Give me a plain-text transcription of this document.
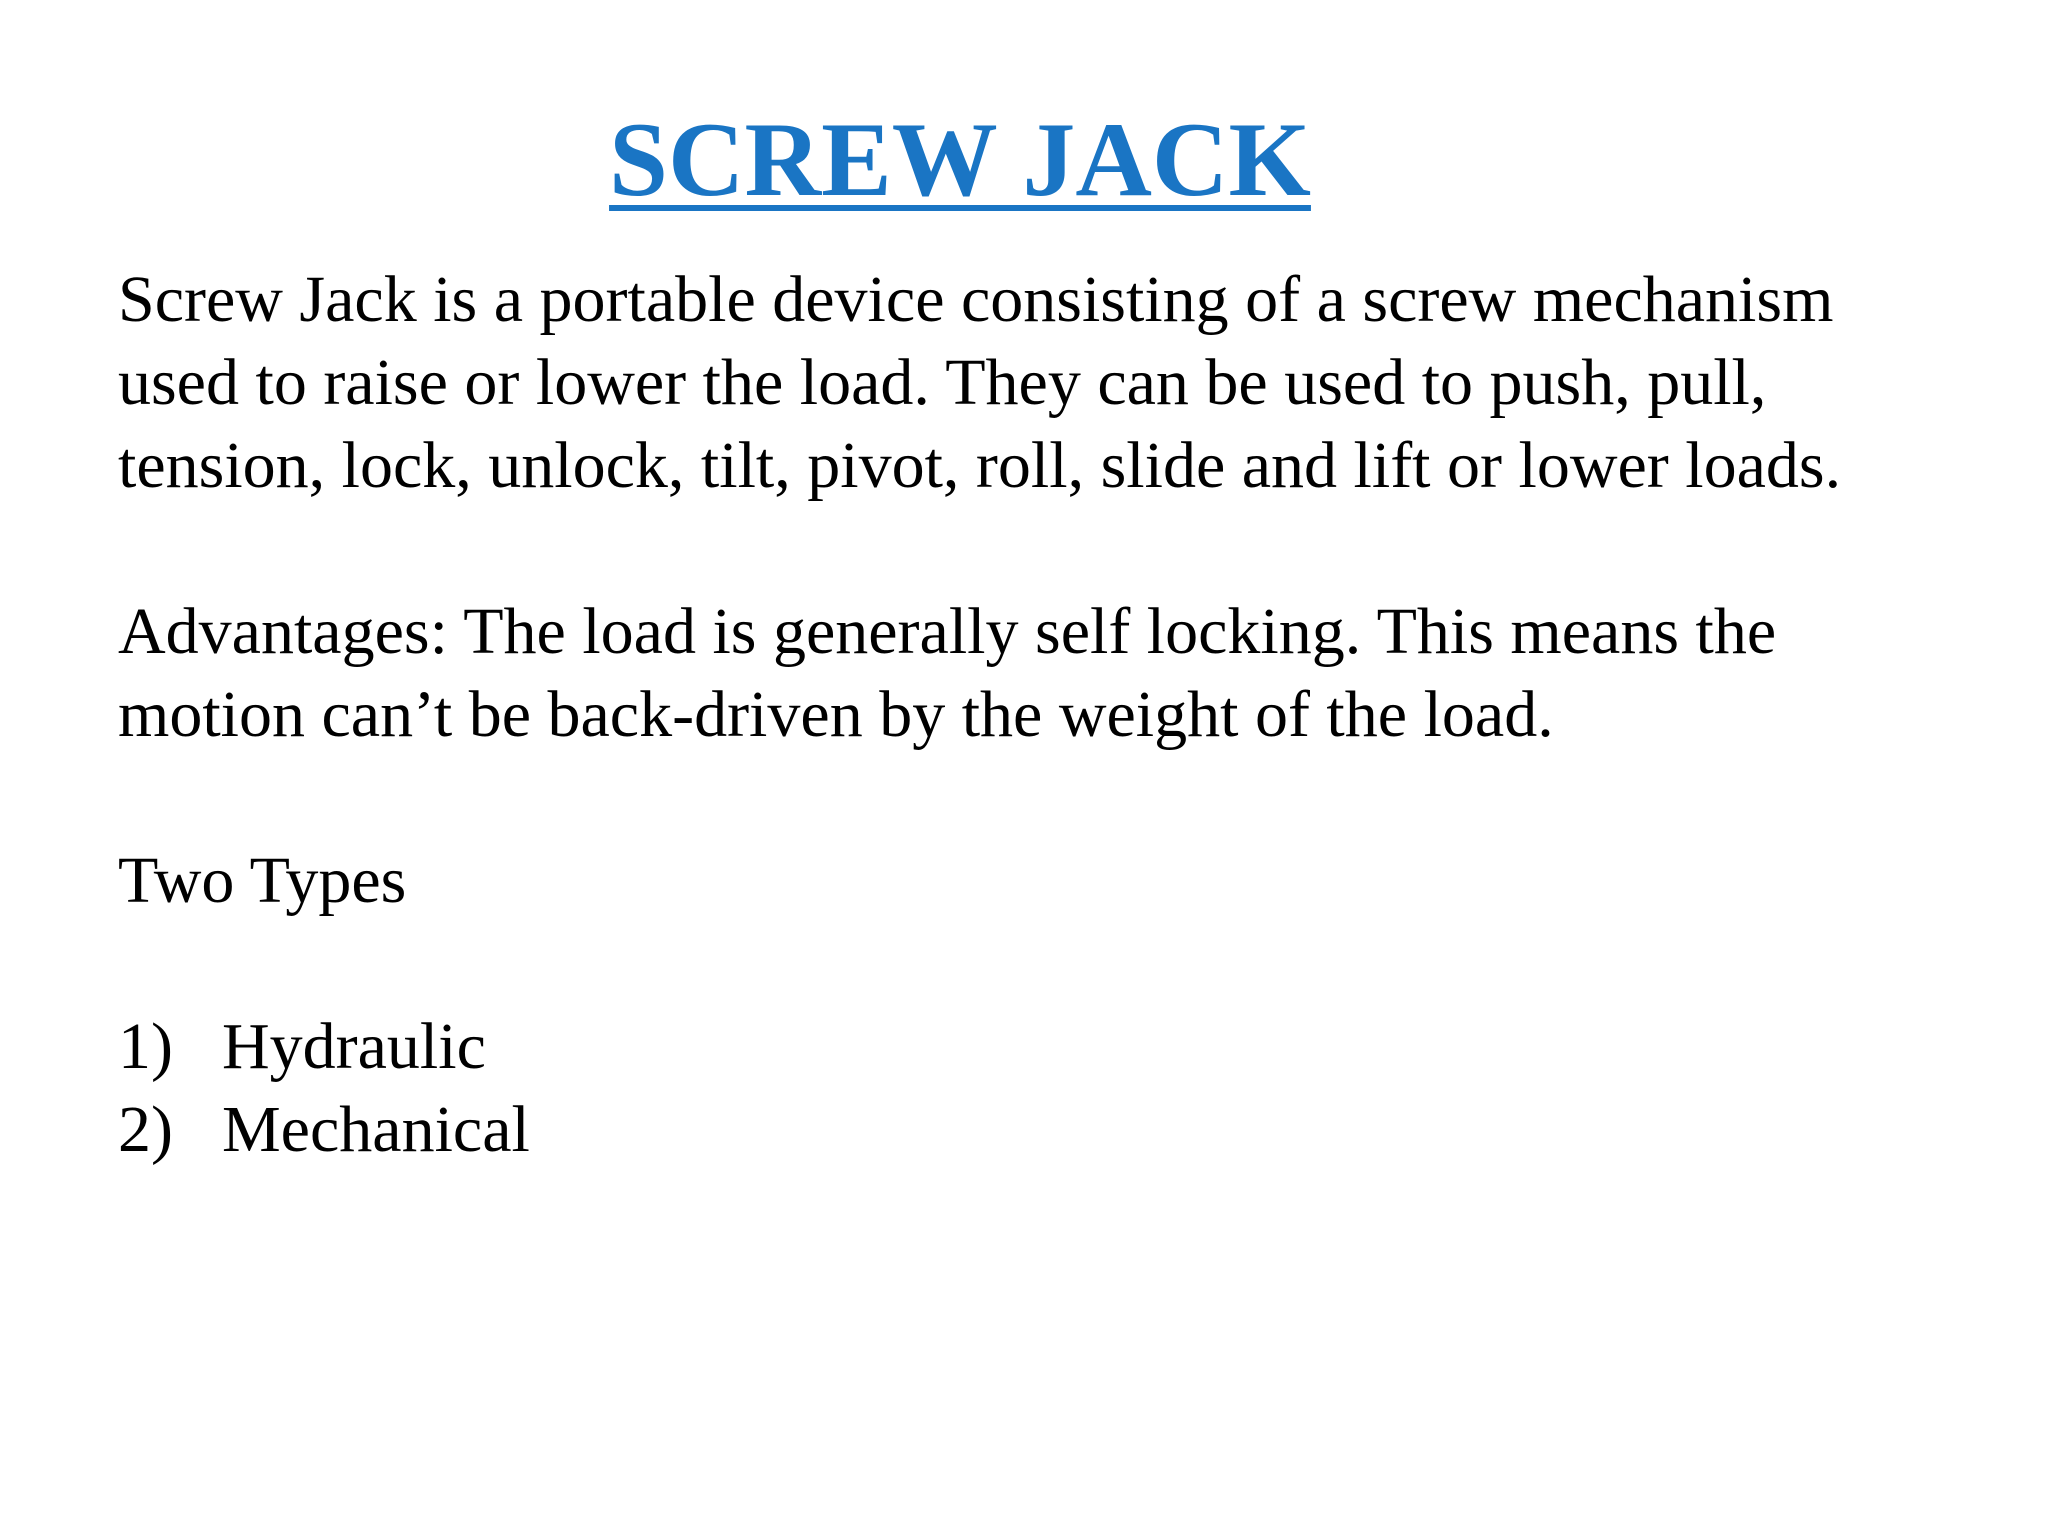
SCREW JACK

Screw Jack is a portable device consisting of a screw mechanism used to raise or lower the load. They can be used to push, pull, tension, lock, unlock, tilt, pivot, roll, slide and lift or lower loads.

Advantages: The load is generally self locking. This means the motion can’t be back-driven by the weight of the load.

Two Types

1) Hydraulic
2) Mechanical
